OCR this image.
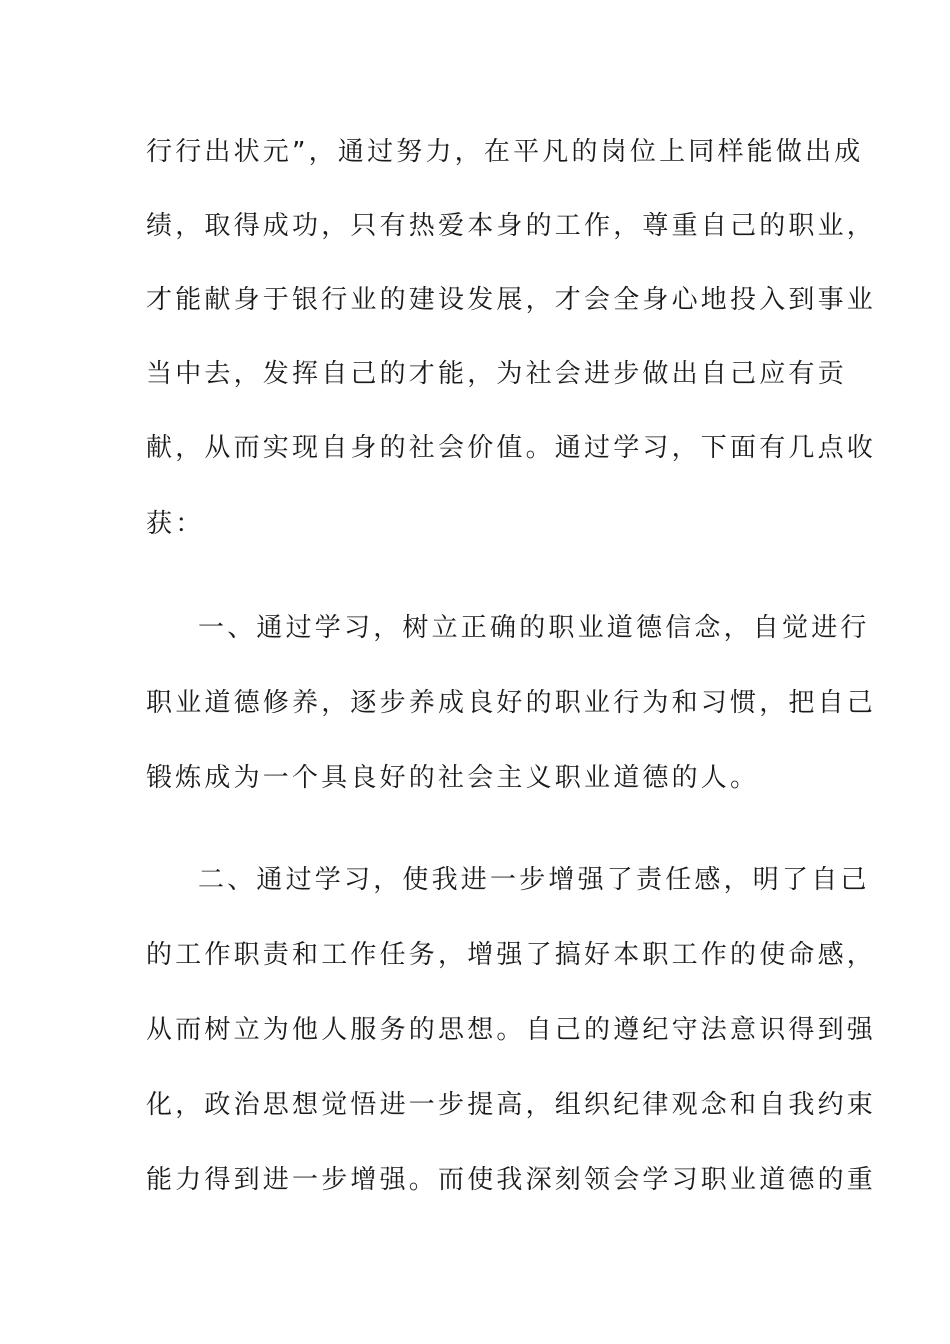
行行出状元”，通过努力，在平凡的岗位上同样能做出成
绩，取得成功，只有热爱本身的工作，尊重自己的职业，
才能献身于银行业的建设发展，才会全身心地投入到事业
当中去，发挥自己的才能，为社会进步做出自己应有贡
献，从而实现自身的社会价值。通过学习，下面有几点收
获：
一、通过学习，树立正确的职业道德信念，自觉进行
职业道德修养，逐步养成良好的职业行为和习惯，把自己
锻炼成为一个具良好的社会主义职业道德的人。
二、通过学习，使我进一步增强了责任感，明了自己
的工作职责和工作任务，增强了搞好本职工作的使命感，
从而树立为他人服务的思想。自己的遵纪守法意识得到强
化，政治思想觉悟进一步提高，组织纪律观念和自我约束
能力得到进一步增强。而使我深刻领会学习职业道德的重
